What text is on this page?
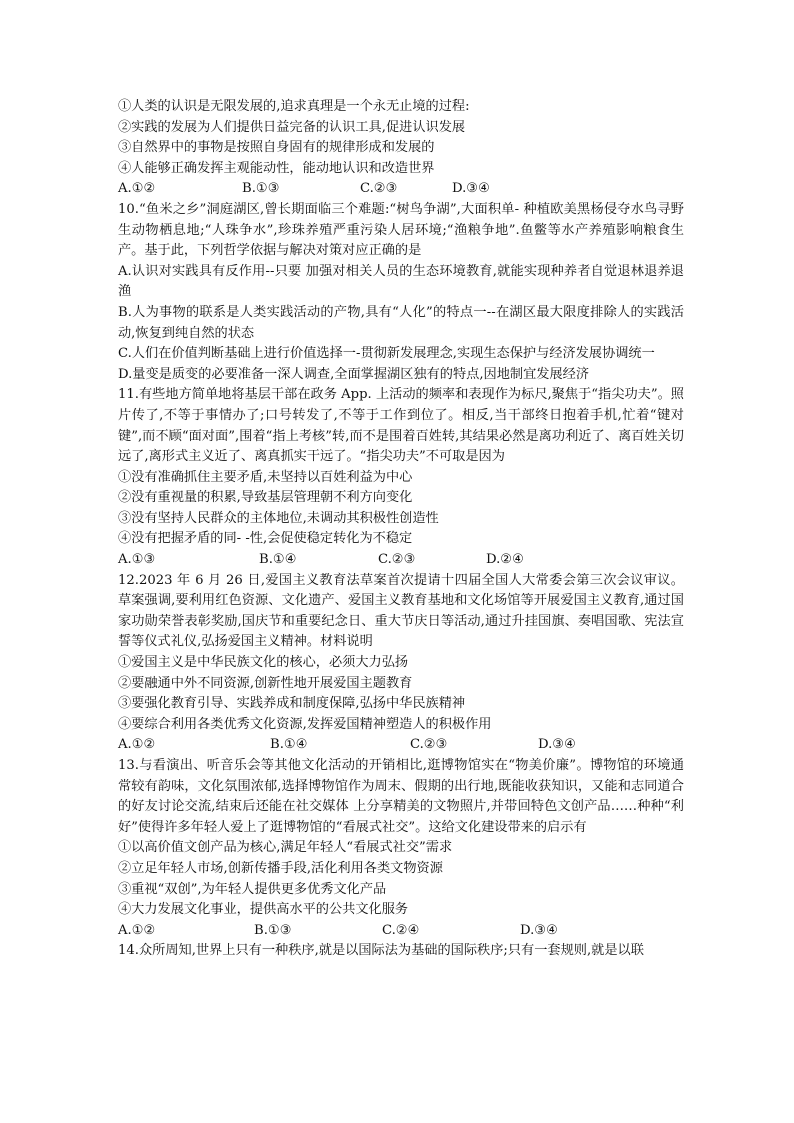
①人类的认识是无限发展的,追求真理是一个永无止境的过程:
②实践的发展为人们提供日益完备的认识工具,促进认识发展
③自然界中的事物是按照自身固有的规律形成和发展的
④人能够正确发挥主观能动性，能动地认识和改造世界
A.①②	B.①③	C.②③	D.③④
10.“鱼米之乡”洞庭湖区,曾长期面临三个难题:“树鸟争湖”,大面积单- 种植欧美黑杨侵夺水鸟寻野生动物栖息地;“人珠争水”,珍珠养殖严重污染人居环境;“渔粮争地”.鱼鳖等水产养殖影响粮食生产。基于此，下列哲学依据与解决对策对应正确的是
A.认识对实践具有反作用--只要 加强对相关人员的生态环境教育,就能实现种养者自觉退林退养退渔
B.人为事物的联系是人类实践活动的产物,具有“人化”的特点一--在湖区最大限度排除人的实践活动,恢复到纯自然的状态
C.人们在价值判断基础上进行价值选择一-贯彻新发展理念,实现生态保护与经济发展协调统一
D.量变是质变的必要准备一深人调查,全面掌握湖区独有的特点,因地制宜发展经济
11.有些地方简单地将基层干部在政务 App. 上活动的频率和表现作为标尺,聚焦于“指尖功夫”。照片传了,不等于事情办了;口号转发了,不等于工作到位了。相反,当干部终日抱着手机,忙着“键对键”,而不顾“面对面”,围着“指上考核”转,而不是围着百姓转,其结果必然是离功利近了、离百姓关切远了,离形式主义近了、离真抓实干远了。“指尖功夫”不可取是因为
①没有准确抓住主要矛盾,未坚持以百姓利益为中心
②没有重视量的积累,导致基层管理朝不利方向变化
③没有坚持人民群众的主体地位,未调动其积极性创造性
④没有把握矛盾的同- -性,会促使稳定转化为不稳定
A.①③	B.①④	C.②③	D.②④
12.2023 年 6 月 26 日,爱国主义教育法草案首次提请十四届全国人大常委会第三次会议审议。草案强调,要利用红色资源、文化遗产、爱国主义教育基地和文化场馆等开展爱国主义教育,通过国家功勋荣誉表彰奖励,国庆节和重要纪念日、重大节庆日等活动,通过升挂国旗、奏唱国歌、宪法宣誓等仪式礼仪,弘扬爱国主义精神。材料说明
①爱国主义是中华民族文化的核心，必须大力弘扬
②要融通中外不同资源,创新性地开展爱国主题教育
③要强化教育引导、实践养成和制度保障,弘扬中华民族精神
④要综合利用各类优秀文化资源,发挥爱国精神塑造人的积极作用
A.①②	B.①④	C.②③	D.③④
13.与看演出、听音乐会等其他文化活动的开销相比,逛博物馆实在“物美价廉”。博物馆的环境通常较有韵味，文化氛围浓郁,选择博物馆作为周末、假期的出行地,既能收获知识，又能和志同道合的好友讨论交流,结束后还能在社交媒体 上分享精美的文物照片,并带回特色文创产品……种种“利好”使得许多年轻人爱上了逛博物馆的“看展式社交”。这给文化建设带来的启示有
①以高价值文创产品为核心,满足年轻人“看展式社交”需求
②立足年轻人市场,创新传播手段,活化利用各类文物资源
③重视“双创”,为年轻人提供更多优秀文化产品
④大力发展文化事业，提供高水平的公共文化服务
A.①②	B.①③	C.②④	D.③④
14.众所周知,世界上只有一种秩序,就是以国际法为基础的国际秩序;只有一套规则,就是以联
